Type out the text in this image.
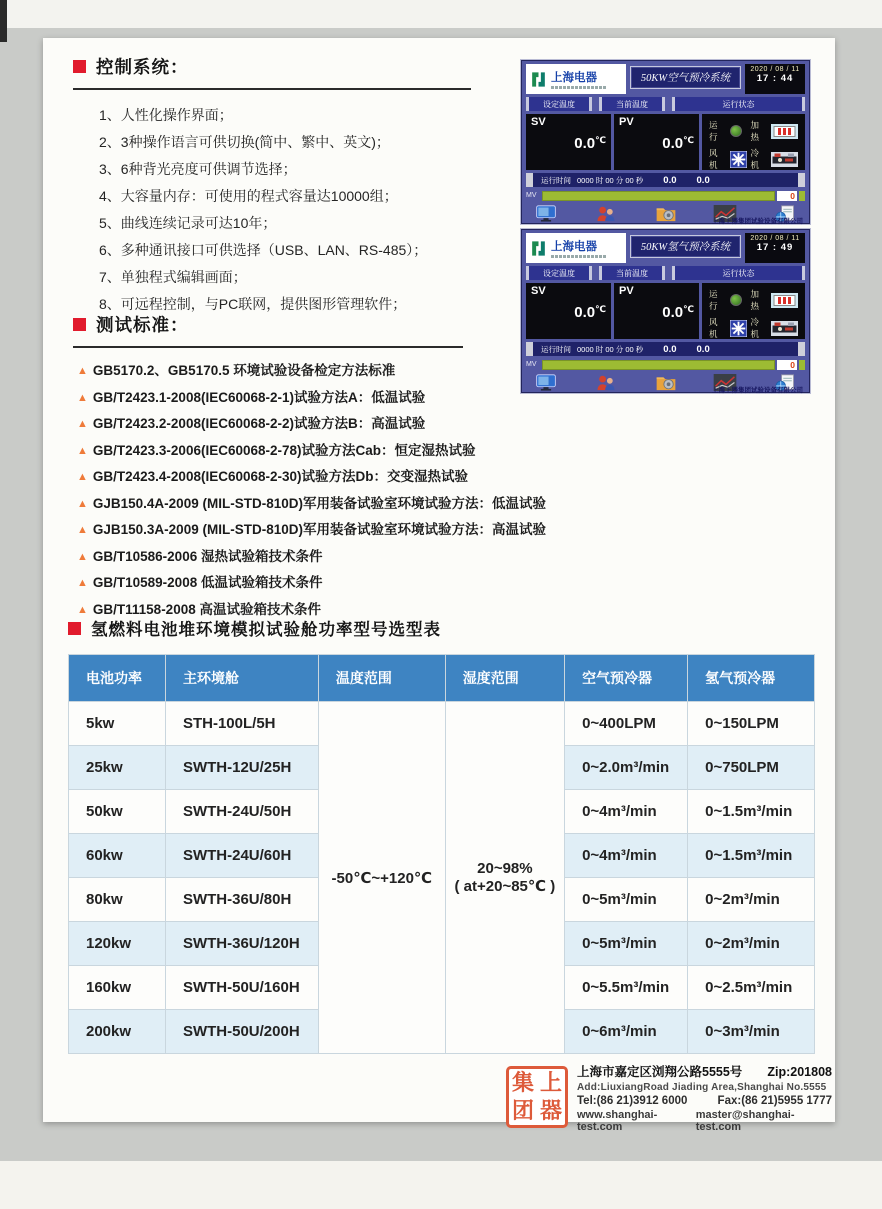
控制系统：
1、人性化操作界面；
2、3种操作语言可供切换(简中、繁中、英文)；
3、6种背光亮度可供调节选择；
4、大容量内存：可使用的程式容量达10000组；
5、曲线连续记录可达10年；
6、多种通讯接口可供选择（USB、LAN、RS-485）；
7、单独程式编辑画面；
8、可远程控制，与PC联网，提供图形管理软件；
上海电器	50KW空气预冷系统
2020 / 08 / 11
17 : 44
设定温度	当前温度	运行状态
SV
0.0℃
PV
0.0℃
运行
加热
风机
冷机
运行时间 0000 时 00 分 00 秒 0.0 0.0
MV	0
上海上器集团试验设备有限公司
上海电器	50KW氢气预冷系统
2020 / 08 / 11
17 : 49
设定温度	当前温度	运行状态
SV
0.0℃
PV
0.0℃
运行
加热
风机
冷机
运行时间 0000 时 00 分 00 秒 0.0 0.0
MV	0
上海上器集团试验设备有限公司
测试标准：
▲ GB5170.2、GB5170.5 环境试验设备检定方法标准
▲ GB/T2423.1-2008(IEC60068-2-1)试验方法A：低温试验
▲ GB/T2423.2-2008(IEC60068-2-2)试验方法B：高温试验
▲ GB/T2423.3-2006(IEC60068-2-78)试验方法Cab：恒定湿热试验
▲ GB/T2423.4-2008(IEC60068-2-30)试验方法Db：交变湿热试验
▲ GJB150.4A-2009 (MIL-STD-810D)军用装备试验室环境试验方法：低温试验
▲ GJB150.3A-2009 (MIL-STD-810D)军用装备试验室环境试验方法：高温试验
▲ GB/T10586-2006 湿热试验箱技术条件
▲ GB/T10589-2008 低温试验箱技术条件
▲ GB/T11158-2008 高温试验箱技术条件
氢燃料电池堆环境模拟试验舱功率型号选型表
电池功率	主环境舱	温度范围	湿度范围	空气预冷器	氢气预冷器
5kw	STH-100L/5H	-50℃~+120℃	20~98%
( at+20~85℃ )	0~400LPM	0~150LPM
25kw	SWTH-12U/25H			0~2.0m³/min	0~750LPM
50kw	SWTH-24U/50H			0~4m³/min	0~1.5m³/min
60kw	SWTH-24U/60H			0~4m³/min	0~1.5m³/min
80kw	SWTH-36U/80H			0~5m³/min	0~2m³/min
120kw	SWTH-36U/120H			0~5m³/min	0~2m³/min
160kw	SWTH-50U/160H			0~5.5m³/min	0~2.5m³/min
200kw	SWTH-50U/200H			0~6m³/min	0~3m³/min
集 上
团 器
上海市嘉定区浏翔公路5555号 Zip:201808
Add:LiuxiangRoad Jiading Area,Shanghai No.5555
Tel:(86 21)3912 6000	Fax:(86 21)5955 1777
www.shanghai-test.com
master@shanghai-test.com
